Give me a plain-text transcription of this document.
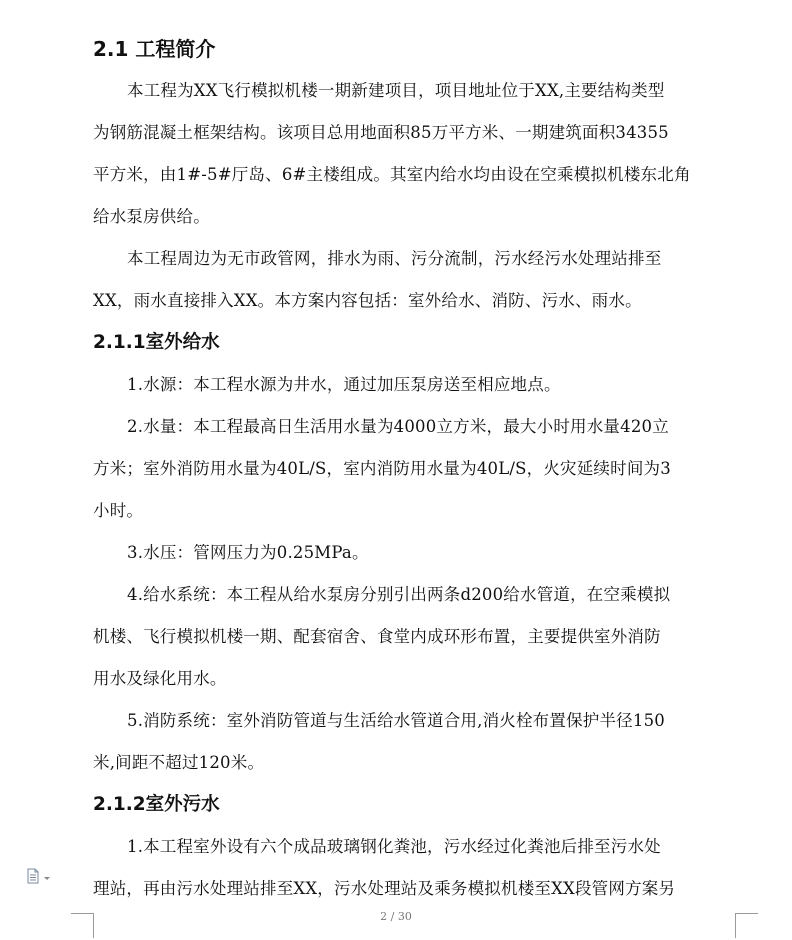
2.1 工程简介
本工程为XX飞行模拟机楼一期新建项目，项目地址位于XX,主要结构类型
为钢筋混凝土框架结构。该项目总用地面积85万平方米、一期建筑面积34355
平方米，由1#-5#厅岛、6#主楼组成。其室内给水均由设在空乘模拟机楼东北角
给水泵房供给。
本工程周边为无市政管网，排水为雨、污分流制，污水经污水处理站排至
XX，雨水直接排入XX。本方案内容包括：室外给水、消防、污水、雨水。
2.1.1室外给水
1.水源：本工程水源为井水，通过加压泵房送至相应地点。
2.水量：本工程最高日生活用水量为4000立方米，最大小时用水量420立
方米；室外消防用水量为40L/S，室内消防用水量为40L/S，火灾延续时间为3
小时。
3.水压：管网压力为0.25MPa。
4.给水系统：本工程从给水泵房分别引出两条d200给水管道，在空乘模拟
机楼、飞行模拟机楼一期、配套宿舍、食堂内成环形布置，主要提供室外消防
用水及绿化用水。
5.消防系统：室外消防管道与生活给水管道合用,消火栓布置保护半径150
米,间距不超过120米。
2.1.2室外污水
1.本工程室外设有六个成品玻璃钢化粪池，污水经过化粪池后排至污水处
理站，再由污水处理站排至XX，污水处理站及乘务模拟机楼至XX段管网方案另
2 / 30
